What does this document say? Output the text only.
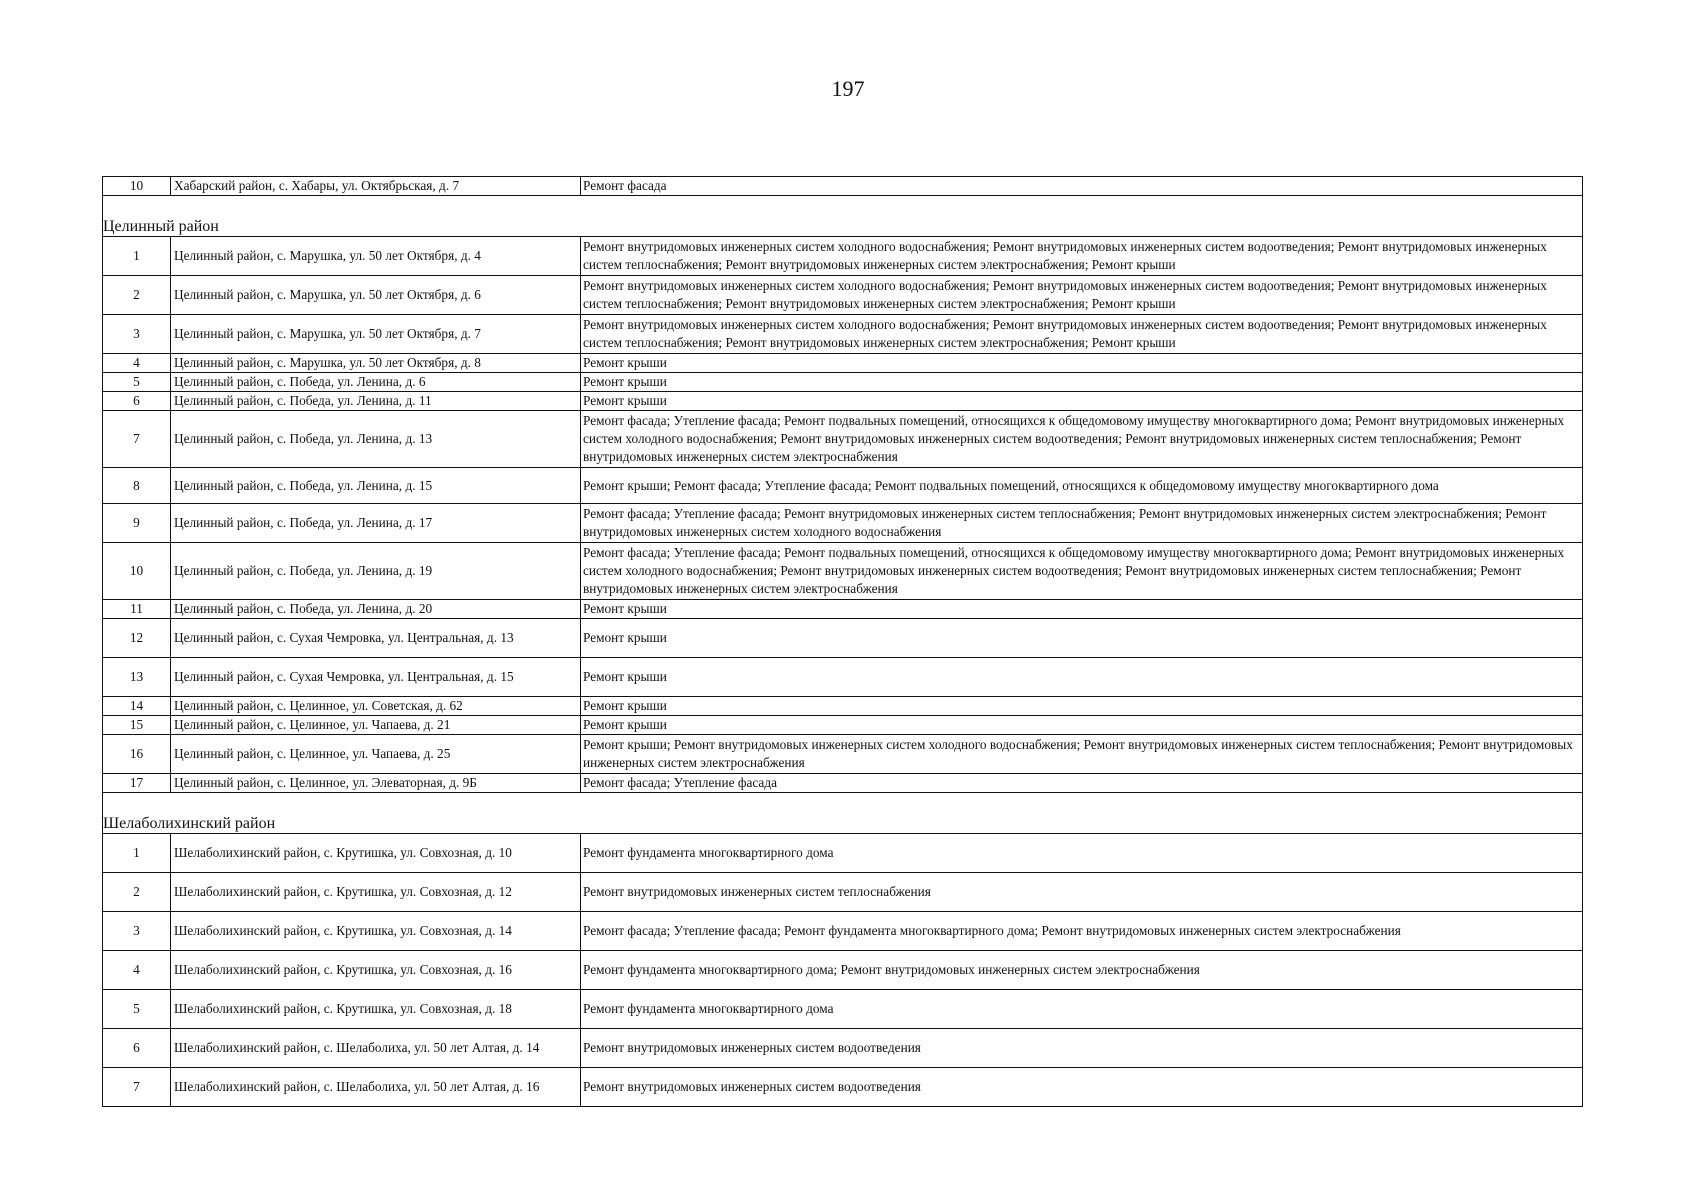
197
10	Хабарский район, с. Хабары, ул. Октябрьская, д. 7	Ремонт фасада

Целинный район		
1	Целинный район, с. Марушка, ул. 50 лет Октября, д. 4	Ремонт внутридомовых инженерных систем холодного водоснабжения; Ремонт внутридомовых инженерных систем водоотведения; Ремонт внутридомовых инженерных систем теплоснабжения; Ремонт внутридомовых инженерных систем электроснабжения; Ремонт крыши
2	Целинный район, с. Марушка, ул. 50 лет Октября, д. 6	Ремонт внутридомовых инженерных систем холодного водоснабжения; Ремонт внутридомовых инженерных систем водоотведения; Ремонт внутридомовых инженерных систем теплоснабжения; Ремонт внутридомовых инженерных систем электроснабжения; Ремонт крыши
3	Целинный район, с. Марушка, ул. 50 лет Октября, д. 7	Ремонт внутридомовых инженерных систем холодного водоснабжения; Ремонт внутридомовых инженерных систем водоотведения; Ремонт внутридомовых инженерных систем теплоснабжения; Ремонт внутридомовых инженерных систем электроснабжения; Ремонт крыши
4	Целинный район, с. Марушка, ул. 50 лет Октября, д. 8	Ремонт крыши
5	Целинный район, с. Победа, ул. Ленина, д. 6	Ремонт крыши
6	Целинный район, с. Победа, ул. Ленина, д. 11	Ремонт крыши
7	Целинный район, с. Победа, ул. Ленина, д. 13	Ремонт фасада; Утепление фасада; Ремонт подвальных помещений, относящихся к общедомовому имуществу многоквартирного дома; Ремонт внутридомовых инженерных систем холодного водоснабжения; Ремонт внутридомовых инженерных систем водоотведения; Ремонт внутридомовых инженерных систем теплоснабжения; Ремонт внутридомовых инженерных систем электроснабжения
8	Целинный район, с. Победа, ул. Ленина, д. 15	Ремонт крыши; Ремонт фасада; Утепление фасада; Ремонт подвальных помещений, относящихся к общедомовому имуществу многоквартирного дома
9	Целинный район, с. Победа, ул. Ленина, д. 17	Ремонт фасада; Утепление фасада; Ремонт внутридомовых инженерных систем теплоснабжения; Ремонт внутридомовых инженерных систем электроснабжения; Ремонт внутридомовых инженерных систем холодного водоснабжения
10	Целинный район, с. Победа, ул. Ленина, д. 19	Ремонт фасада; Утепление фасада; Ремонт подвальных помещений, относящихся к общедомовому имуществу многоквартирного дома; Ремонт внутридомовых инженерных систем холодного водоснабжения; Ремонт внутридомовых инженерных систем водоотведения; Ремонт внутридомовых инженерных систем теплоснабжения; Ремонт внутридомовых инженерных систем электроснабжения
11	Целинный район, с. Победа, ул. Ленина, д. 20	Ремонт крыши
12	Целинный район, с. Сухая Чемровка, ул. Центральная, д. 13	Ремонт крыши
13	Целинный район, с. Сухая Чемровка, ул. Центральная, д. 15	Ремонт крыши
14	Целинный район, с. Целинное, ул. Советская, д. 62	Ремонт крыши
15	Целинный район, с. Целинное, ул. Чапаева, д. 21	Ремонт крыши
16	Целинный район, с. Целинное, ул. Чапаева, д. 25	Ремонт крыши; Ремонт внутридомовых инженерных систем холодного водоснабжения; Ремонт внутридомовых инженерных систем теплоснабжения; Ремонт внутридомовых инженерных систем электроснабжения
17	Целинный район, с. Целинное, ул. Элеваторная, д. 9Б	Ремонт фасада; Утепление фасада

Шелаболихинский район		
1	Шелаболихинский район, с. Крутишка, ул. Совхозная, д. 10	Ремонт фундамента многоквартирного дома
2	Шелаболихинский район, с. Крутишка, ул. Совхозная, д. 12	Ремонт внутридомовых инженерных систем теплоснабжения
3	Шелаболихинский район, с. Крутишка, ул. Совхозная, д. 14	Ремонт фасада; Утепление фасада; Ремонт фундамента многоквартирного дома; Ремонт внутридомовых инженерных систем электроснабжения
4	Шелаболихинский район, с. Крутишка, ул. Совхозная, д. 16	Ремонт фундамента многоквартирного дома; Ремонт внутридомовых инженерных систем электроснабжения
5	Шелаболихинский район, с. Крутишка, ул. Совхозная, д. 18	Ремонт фундамента многоквартирного дома
6	Шелаболихинский район, с. Шелаболиха, ул. 50 лет Алтая, д. 14	Ремонт внутридомовых инженерных систем водоотведения
7	Шелаболихинский район, с. Шелаболиха, ул. 50 лет Алтая, д. 16	Ремонт внутридомовых инженерных систем водоотведения
